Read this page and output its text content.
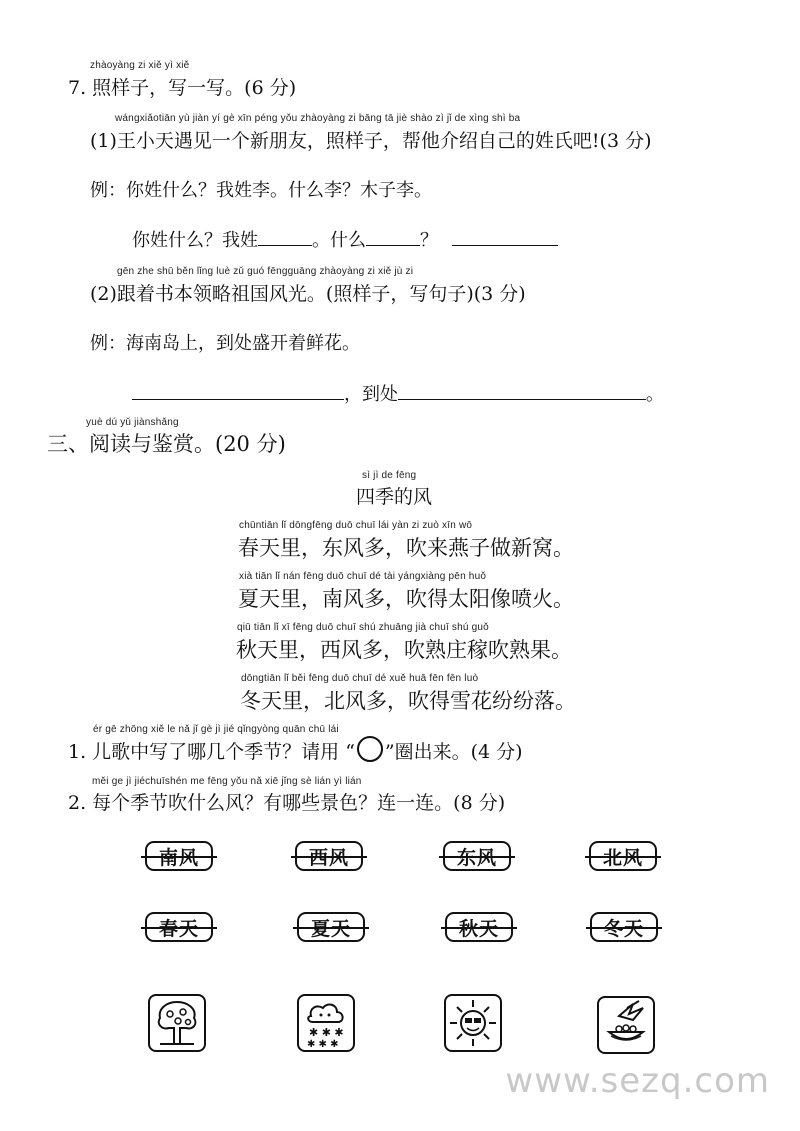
zhàoyàng zi xiě yì xiě
7. 照样子，写一写。(6 分)
wángxiǎotiān yù jiàn yí gè xīn péng yǒu zhàoyàng zi bāng tā jiè shào zì jǐ de xìng shì ba
(1)王小天遇见一个新朋友，照样子，帮他介绍自己的姓氏吧!(3 分)
例：你姓什么？我姓李。什么李？木子李。
你姓什么？我姓	。什么	？
gēn zhe shū běn lǐng luè zǔ guó fēngguāng zhàoyàng zi xiě jù zi
(2)跟着书本领略祖国风光。(照样子，写句子)(3 分)
例：海南岛上，到处盛开着鲜花。
，到处	。
yuè dú yǔ jiànshǎng
三、阅读与鉴赏。(20 分)
sì jì de fēng
四季的风
chūntiān lǐ dōngfēng duō chuī lái yàn zi zuò xīn wō
春天里，东风多，吹来燕子做新窝。
xià tiān lǐ nán fēng duō chuī dé tài yángxiàng pēn huǒ
夏天里，南风多，吹得太阳像喷火。
qiū tiān lǐ xī fēng duō chuī shú zhuāng jià chuī shú guǒ
秋天里，西风多，吹熟庄稼吹熟果。
dōngtiān lǐ běi fēng duō chuī dé xuě huā fēn fēn luò
冬天里，北风多，吹得雪花纷纷落。
ér gē zhōng xiě le nǎ jǐ gè jì jié qǐngyòng quān chū lái
1. 儿歌中写了哪几个季节？请用 “ ”圈出来。(4 分)
měi ge jì jiéchuīshén me fēng yǒu nǎ xiē jǐng sè lián yì lián
2. 每个季节吹什么风？有哪些景色？连一连。(8 分)
南风	西风	东风	北风
春天	夏天	秋天	冬天
✱ ✱ ✱
✱ ✱ ✱
www.sezq.com
